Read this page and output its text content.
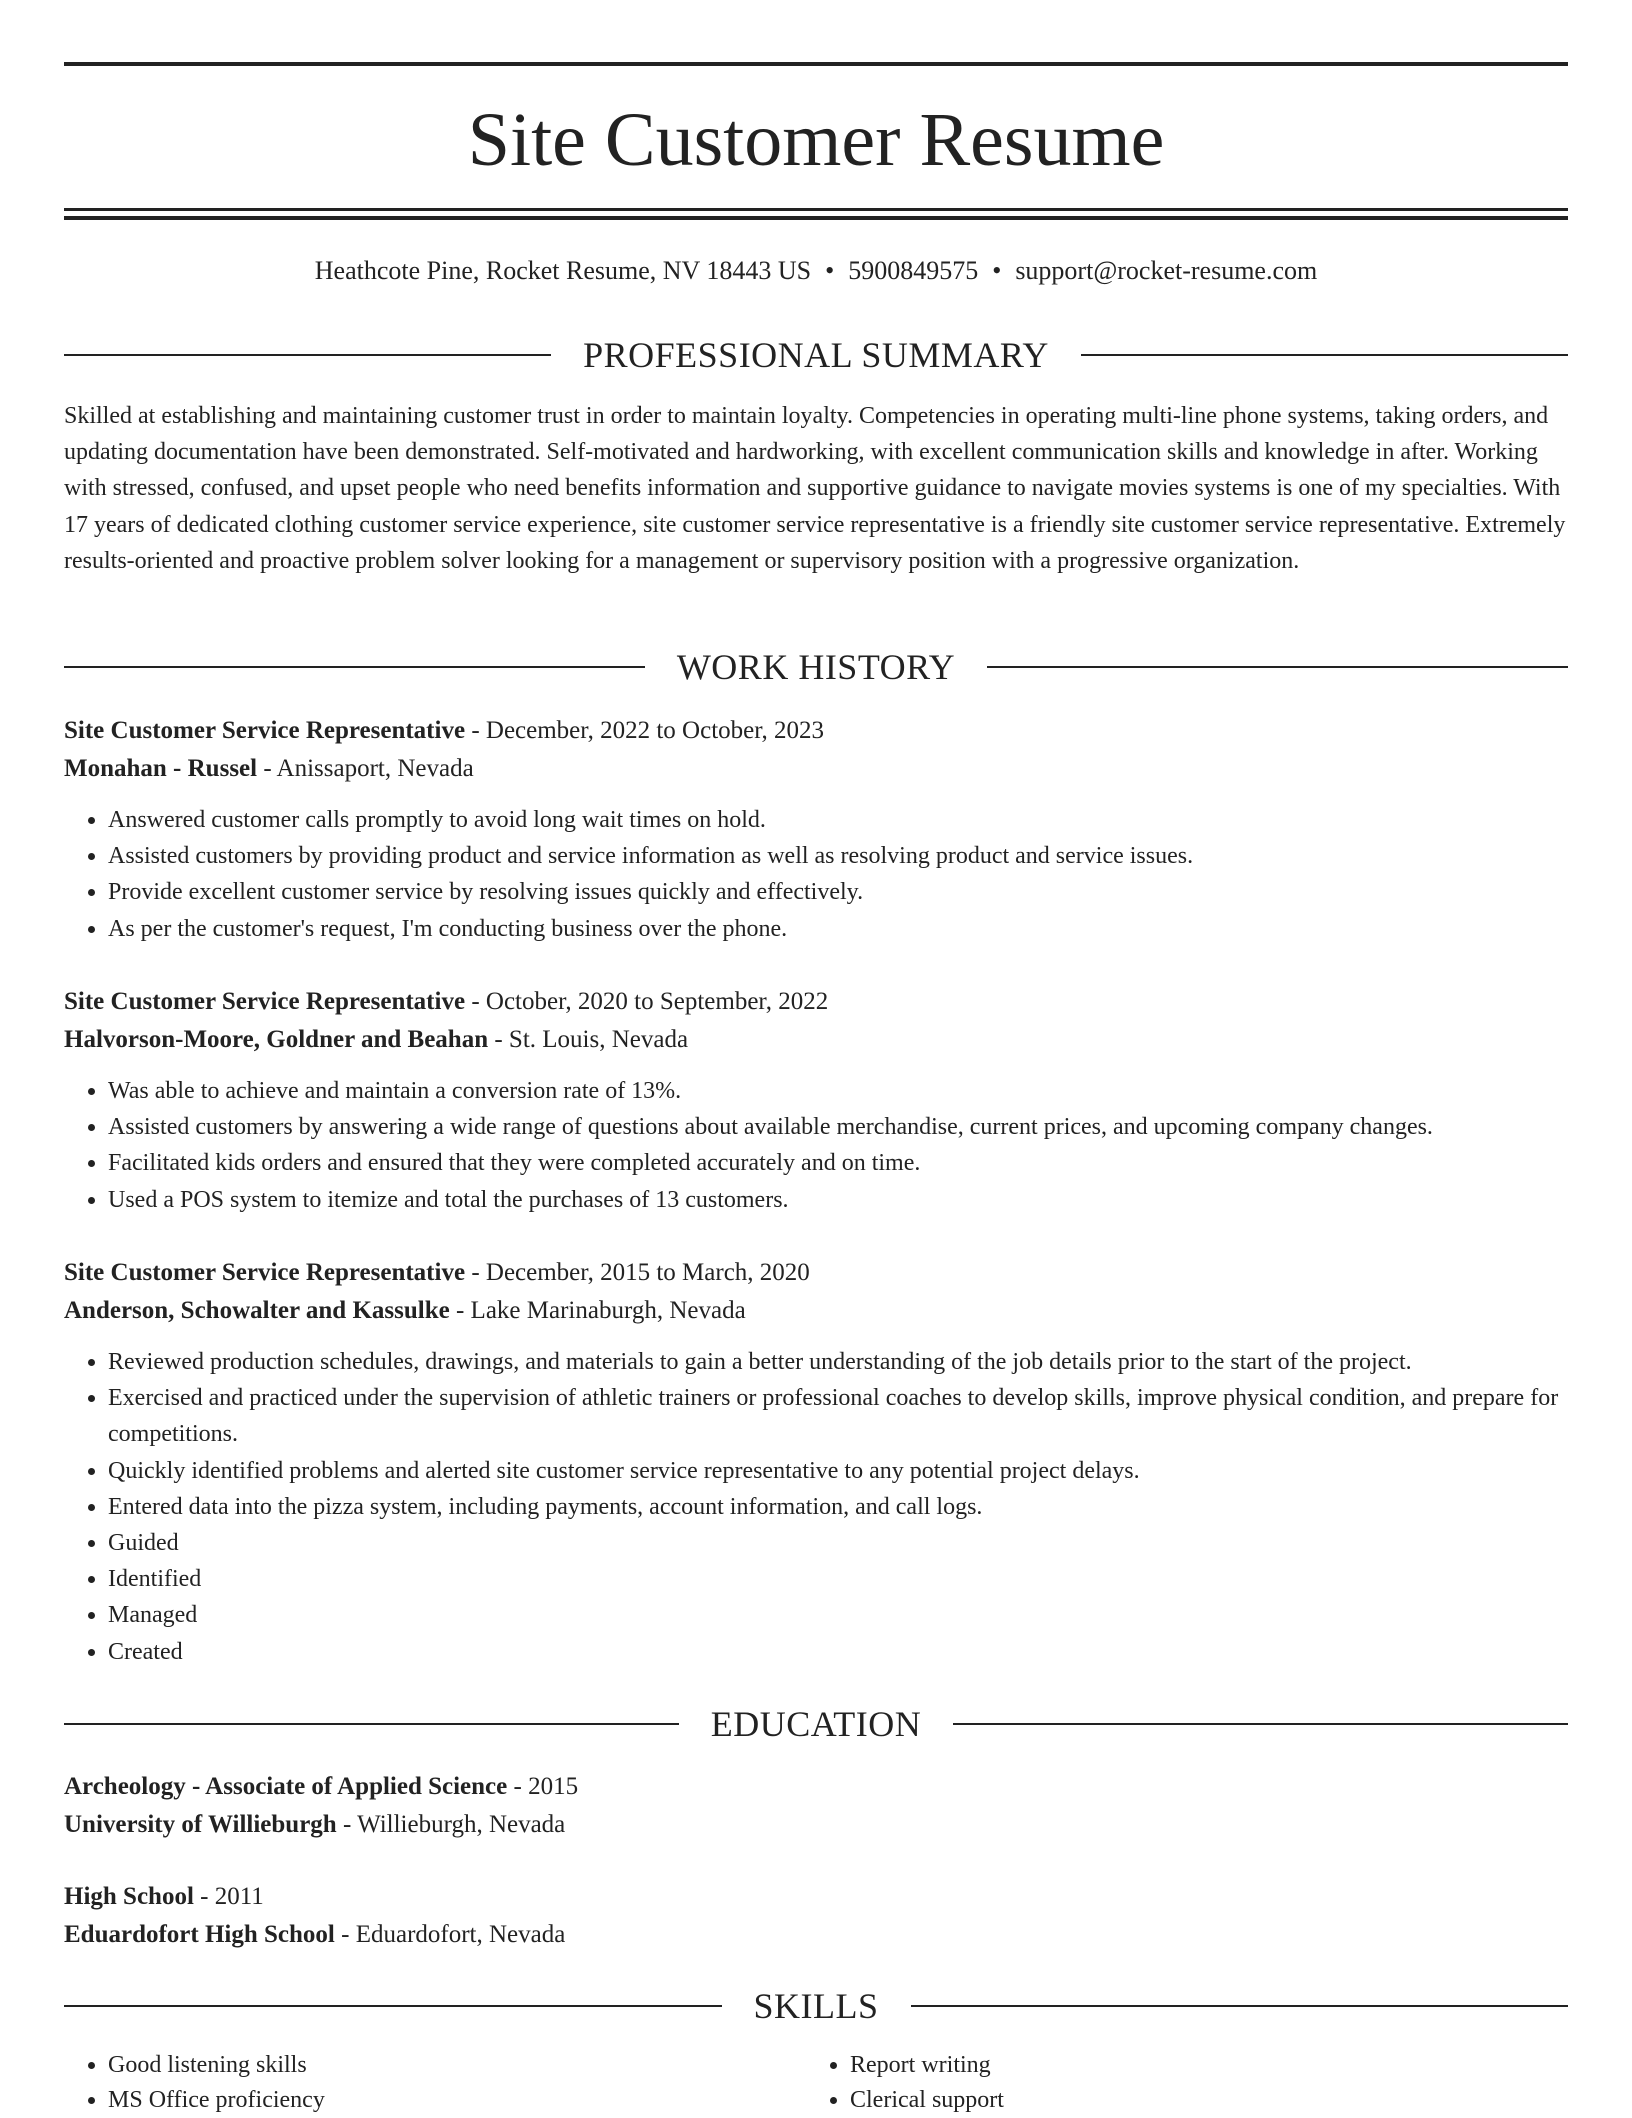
Site Customer Resume
Heathcote Pine, Rocket Resume, NV 18443 US • 5900849575 • support@rocket-resume.com
PROFESSIONAL SUMMARY

Skilled at establishing and maintaining customer trust in order to maintain loyalty. Competencies in operating multi-line phone systems, taking orders, and updating documentation have been demonstrated. Self-motivated and hardworking, with excellent communication skills and knowledge in after. Working with stressed, confused, and upset people who need benefits information and supportive guidance to navigate movies systems is one of my specialties. With 17 years of dedicated clothing customer service experience, site customer service representative is a friendly site customer service representative. Extremely results-oriented and proactive problem solver looking for a management or supervisory position with a progressive organization.

WORK HISTORY
Site Customer Service Representative - December, 2022 to October, 2023
Monahan - Russel - Anissaport, Nevada
• Answered customer calls promptly to avoid long wait times on hold.
• Assisted customers by providing product and service information as well as resolving product and service issues.
• Provide excellent customer service by resolving issues quickly and effectively.
• As per the customer's request, I'm conducting business over the phone.
Site Customer Service Representative - October, 2020 to September, 2022
Halvorson-Moore, Goldner and Beahan - St. Louis, Nevada
• Was able to achieve and maintain a conversion rate of 13%.
• Assisted customers by answering a wide range of questions about available merchandise, current prices, and upcoming company changes.
• Facilitated kids orders and ensured that they were completed accurately and on time.
• Used a POS system to itemize and total the purchases of 13 customers.
Site Customer Service Representative - December, 2015 to March, 2020
Anderson, Schowalter and Kassulke - Lake Marinaburgh, Nevada
• Reviewed production schedules, drawings, and materials to gain a better understanding of the job details prior to the start of the project.
• Exercised and practiced under the supervision of athletic trainers or professional coaches to develop skills, improve physical condition, and prepare for competitions.
• Quickly identified problems and alerted site customer service representative to any potential project delays.
• Entered data into the pizza system, including payments, account information, and call logs.
• Guided
• Identified
• Managed
• Created
EDUCATION
Archeology - Associate of Applied Science - 2015
University of Willieburgh - Willieburgh, Nevada
High School - 2011
Eduardofort High School - Eduardofort, Nevada
SKILLS
• Good listening skills
• MS Office proficiency
• Report writing
• Clerical support
